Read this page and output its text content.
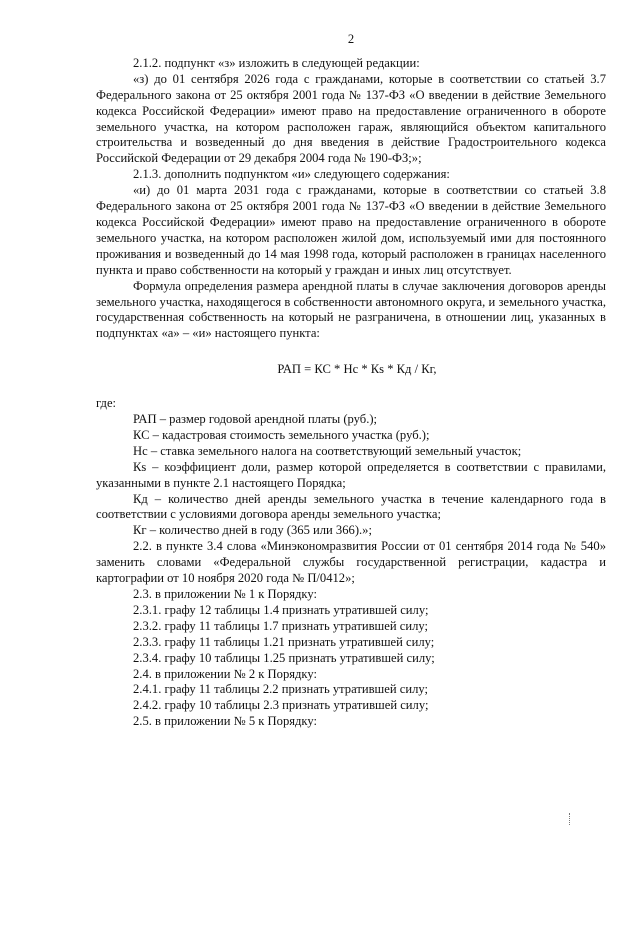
2

2.1.2. подпункт «з» изложить в следующей редакции:

«з) до 01 сентября 2026 года с гражданами, которые в соответствии со статьей 3.7 Федерального закона от 25 октября 2001 года № 137-ФЗ «О введении в действие Земельного кодекса Российской Федерации» имеют право на предоставление ограниченного в обороте земельного участка, на котором расположен гараж, являющийся объектом капитального строительства и возведенный до дня введения в действие Градостроительного кодекса Российской Федерации от 29 декабря 2004 года № 190-ФЗ;»;

2.1.3. дополнить подпунктом «и» следующего содержания:

«и) до 01 марта 2031 года с гражданами, которые в соответствии со статьей 3.8 Федерального закона от 25 октября 2001 года № 137-ФЗ «О введении в действие Земельного кодекса Российской Федерации» имеют право на предоставление ограниченного в обороте земельного участка, на котором расположен жилой дом, используемый ими для постоянного проживания и возведенный до 14 мая 1998 года, который расположен в границах населенного пункта и право собственности на который у граждан и иных лиц отсутствует.

Формула определения размера арендной платы в случае заключения договоров аренды земельного участка, находящегося в собственности автономного округа, и земельного участка, государственная собственность на который не разграничена, в отношении лиц, указанных в подпунктах «а» – «и» настоящего пункта:

РАП = КС * Нс * Кs * Кд / Кг,

где:

РАП – размер годовой арендной платы (руб.);

КС – кадастровая стоимость земельного участка (руб.);

Нс – ставка земельного налога на соответствующий земельный участок;

Кs – коэффициент доли, размер которой определяется в соответствии с правилами, указанными в пункте 2.1 настоящего Порядка;

Кд – количество дней аренды земельного участка в течение календарного года в соответствии с условиями договора аренды земельного участка;

Кг – количество дней в году (365 или 366).»;

2.2. в пункте 3.4 слова «Минэкономразвития России от 01 сентября 2014 года № 540» заменить словами «Федеральной службы государственной регистрации, кадастра и картографии от 10 ноября 2020 года № П/0412»;

2.3. в приложении № 1 к Порядку:

2.3.1. графу 12 таблицы 1.4 признать утратившей силу;

2.3.2. графу 11 таблицы 1.7 признать утратившей силу;

2.3.3. графу 11 таблицы 1.21 признать утратившей силу;

2.3.4. графу 10 таблицы 1.25 признать утратившей силу;

2.4. в приложении № 2 к Порядку:

2.4.1. графу 11 таблицы 2.2 признать утратившей силу;

2.4.2. графу 10 таблицы 2.3 признать утратившей силу;

2.5. в приложении № 5 к Порядку:
